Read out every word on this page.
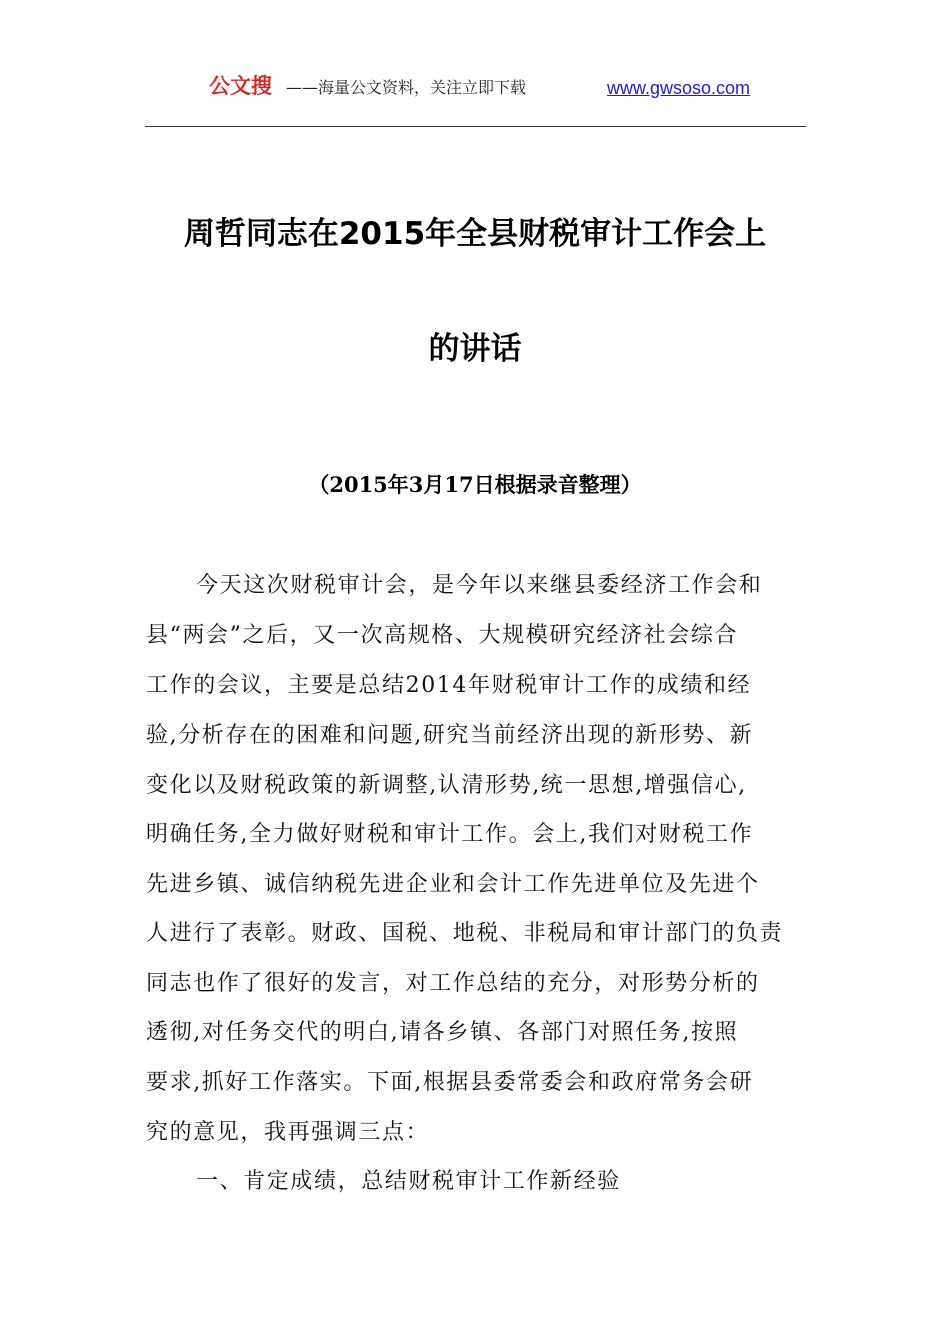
公文搜 ——海量公文资料，关注立即下载	www.gwsoso.com
周哲同志在2015年全县财税审计工作会上
的讲话
（2015年3月17日根据录音整理）
今天这次财税审计会，是今年以来继县委经济工作会和
县“两会”之后，又一次高规格、大规模研究经济社会综合
工作的会议，主要是总结2014年财税审计工作的成绩和经
验,分析存在的困难和问题,研究当前经济出现的新形势、新
变化以及财税政策的新调整,认清形势,统一思想,增强信心,
明确任务,全力做好财税和审计工作。会上,我们对财税工作
先进乡镇、诚信纳税先进企业和会计工作先进单位及先进个
人进行了表彰。财政、国税、地税、非税局和审计部门的负责
同志也作了很好的发言，对工作总结的充分，对形势分析的
透彻,对任务交代的明白,请各乡镇、各部门对照任务,按照
要求,抓好工作落实。下面,根据县委常委会和政府常务会研
究的意见，我再强调三点：
一、肯定成绩，总结财税审计工作新经验
